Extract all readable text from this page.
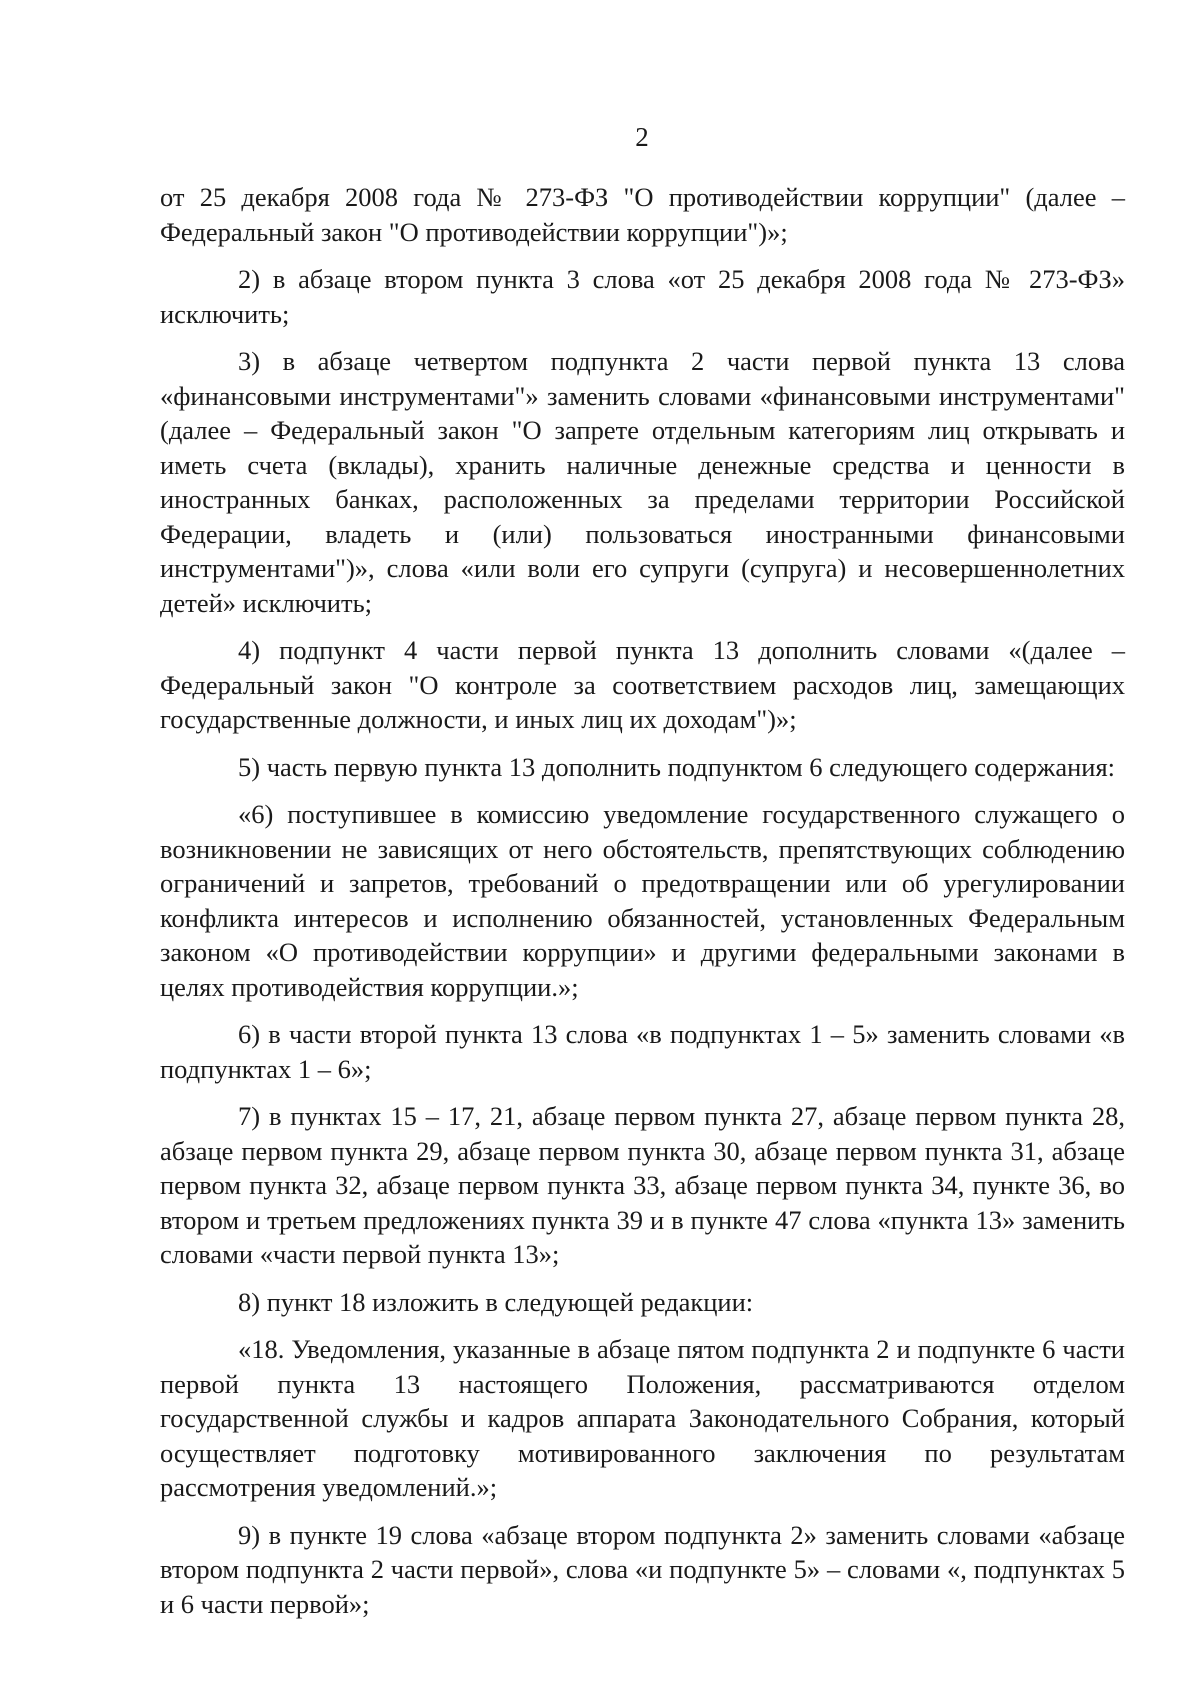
2

от 25 декабря 2008 года № 273-ФЗ "О противодействии коррупции" (далее – Федеральный закон "О противодействии коррупции")»;

2) в абзаце втором пункта 3 слова «от 25 декабря 2008 года № 273-ФЗ» исключить;

3) в абзаце четвертом подпункта 2 части первой пункта 13 слова «финансовыми инструментами"» заменить словами «финансовыми инструментами" (далее – Федеральный закон "О запрете отдельным категориям лиц открывать и иметь счета (вклады), хранить наличные денежные средства и ценности в иностранных банках, расположенных за пределами территории Российской Федерации, владеть и (или) пользоваться иностранными финансовыми инструментами")», слова «или воли его супруги (супруга) и несовершеннолетних детей» исключить;

4) подпункт 4 части первой пункта 13 дополнить словами «(далее – Федеральный закон "О контроле за соответствием расходов лиц, замещающих государственные должности, и иных лиц их доходам")»;

5) часть первую пункта 13 дополнить подпунктом 6 следующего содержания:

«6) поступившее в комиссию уведомление государственного служащего о возникновении не зависящих от него обстоятельств, препятствующих соблюдению ограничений и запретов, требований о предотвращении или об урегулировании конфликта интересов и исполнению обязанностей, установленных Федеральным законом «О противодействии коррупции» и другими федеральными законами в целях противодействия коррупции.»;

6) в части второй пункта 13 слова «в подпунктах 1 – 5» заменить словами «в подпунктах 1 – 6»;

7) в пунктах 15 – 17, 21, абзаце первом пункта 27, абзаце первом пункта 28, абзаце первом пункта 29, абзаце первом пункта 30, абзаце первом пункта 31, абзаце первом пункта 32, абзаце первом пункта 33, абзаце первом пункта 34, пункте 36, во втором и третьем предложениях пункта 39 и в пункте 47 слова «пункта 13» заменить словами «части первой пункта 13»;

8) пункт 18 изложить в следующей редакции:

«18. Уведомления, указанные в абзаце пятом подпункта 2 и подпункте 6 части первой пункта 13 настоящего Положения, рассматриваются отделом государственной службы и кадров аппарата Законодательного Собрания, который осуществляет подготовку мотивированного заключения по результатам рассмотрения уведомлений.»;

9) в пункте 19 слова «абзаце втором подпункта 2» заменить словами «абзаце втором подпункта 2 части первой», слова «и подпункте 5» – словами «, подпунктах 5 и 6 части первой»;
